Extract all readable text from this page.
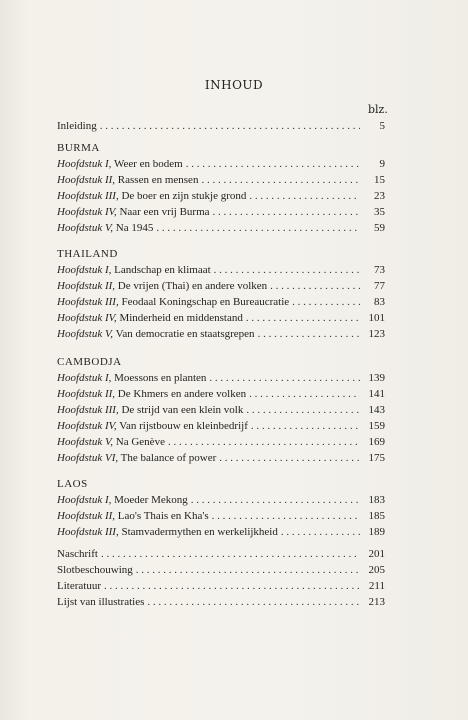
INHOUD
blz.
Inleiding . . .	5
BURMA
Hoofdstuk I, Weer en bodem . . .	9
Hoofdstuk II, Rassen en mensen . . .	15
Hoofdstuk III, De boer en zijn stukje grond . . .	23
Hoofdstuk IV, Naar een vrij Burma . . .	35
Hoofdstuk V, Na 1945 . . .	59
THAILAND
Hoofdstuk I, Landschap en klimaat . . .	73
Hoofdstuk II, De vrijen (Thai) en andere volken . . .	77
Hoofdstuk III, Feodaal Koningschap en Bureaucratie . . .	83
Hoofdstuk IV, Minderheid en middenstand . . .	101
Hoofdstuk V, Van democratie en staatsgrepen . . .	123
CAMBODJA
Hoofdstuk I, Moessons en planten . . .	139
Hoofdstuk II, De Khmers en andere volken . . .	141
Hoofdstuk III, De strijd van een klein volk . . .	143
Hoofdstuk IV, Van rijstbouw en kleinbedrijf . . .	159
Hoofdstuk V, Na Genève . . .	169
Hoofdstuk VI, The balance of power . . .	175
LAOS
Hoofdstuk I, Moeder Mekong . . .	183
Hoofdstuk II, Lao's Thais en Kha's . . .	185
Hoofdstuk III, Stamvadermythen en werkelijkheid . . .	189
Naschrift . . .	201
Slotbeschouwing . . .	205
Literatuur . . .	211
Lijst van illustraties . . .	213
